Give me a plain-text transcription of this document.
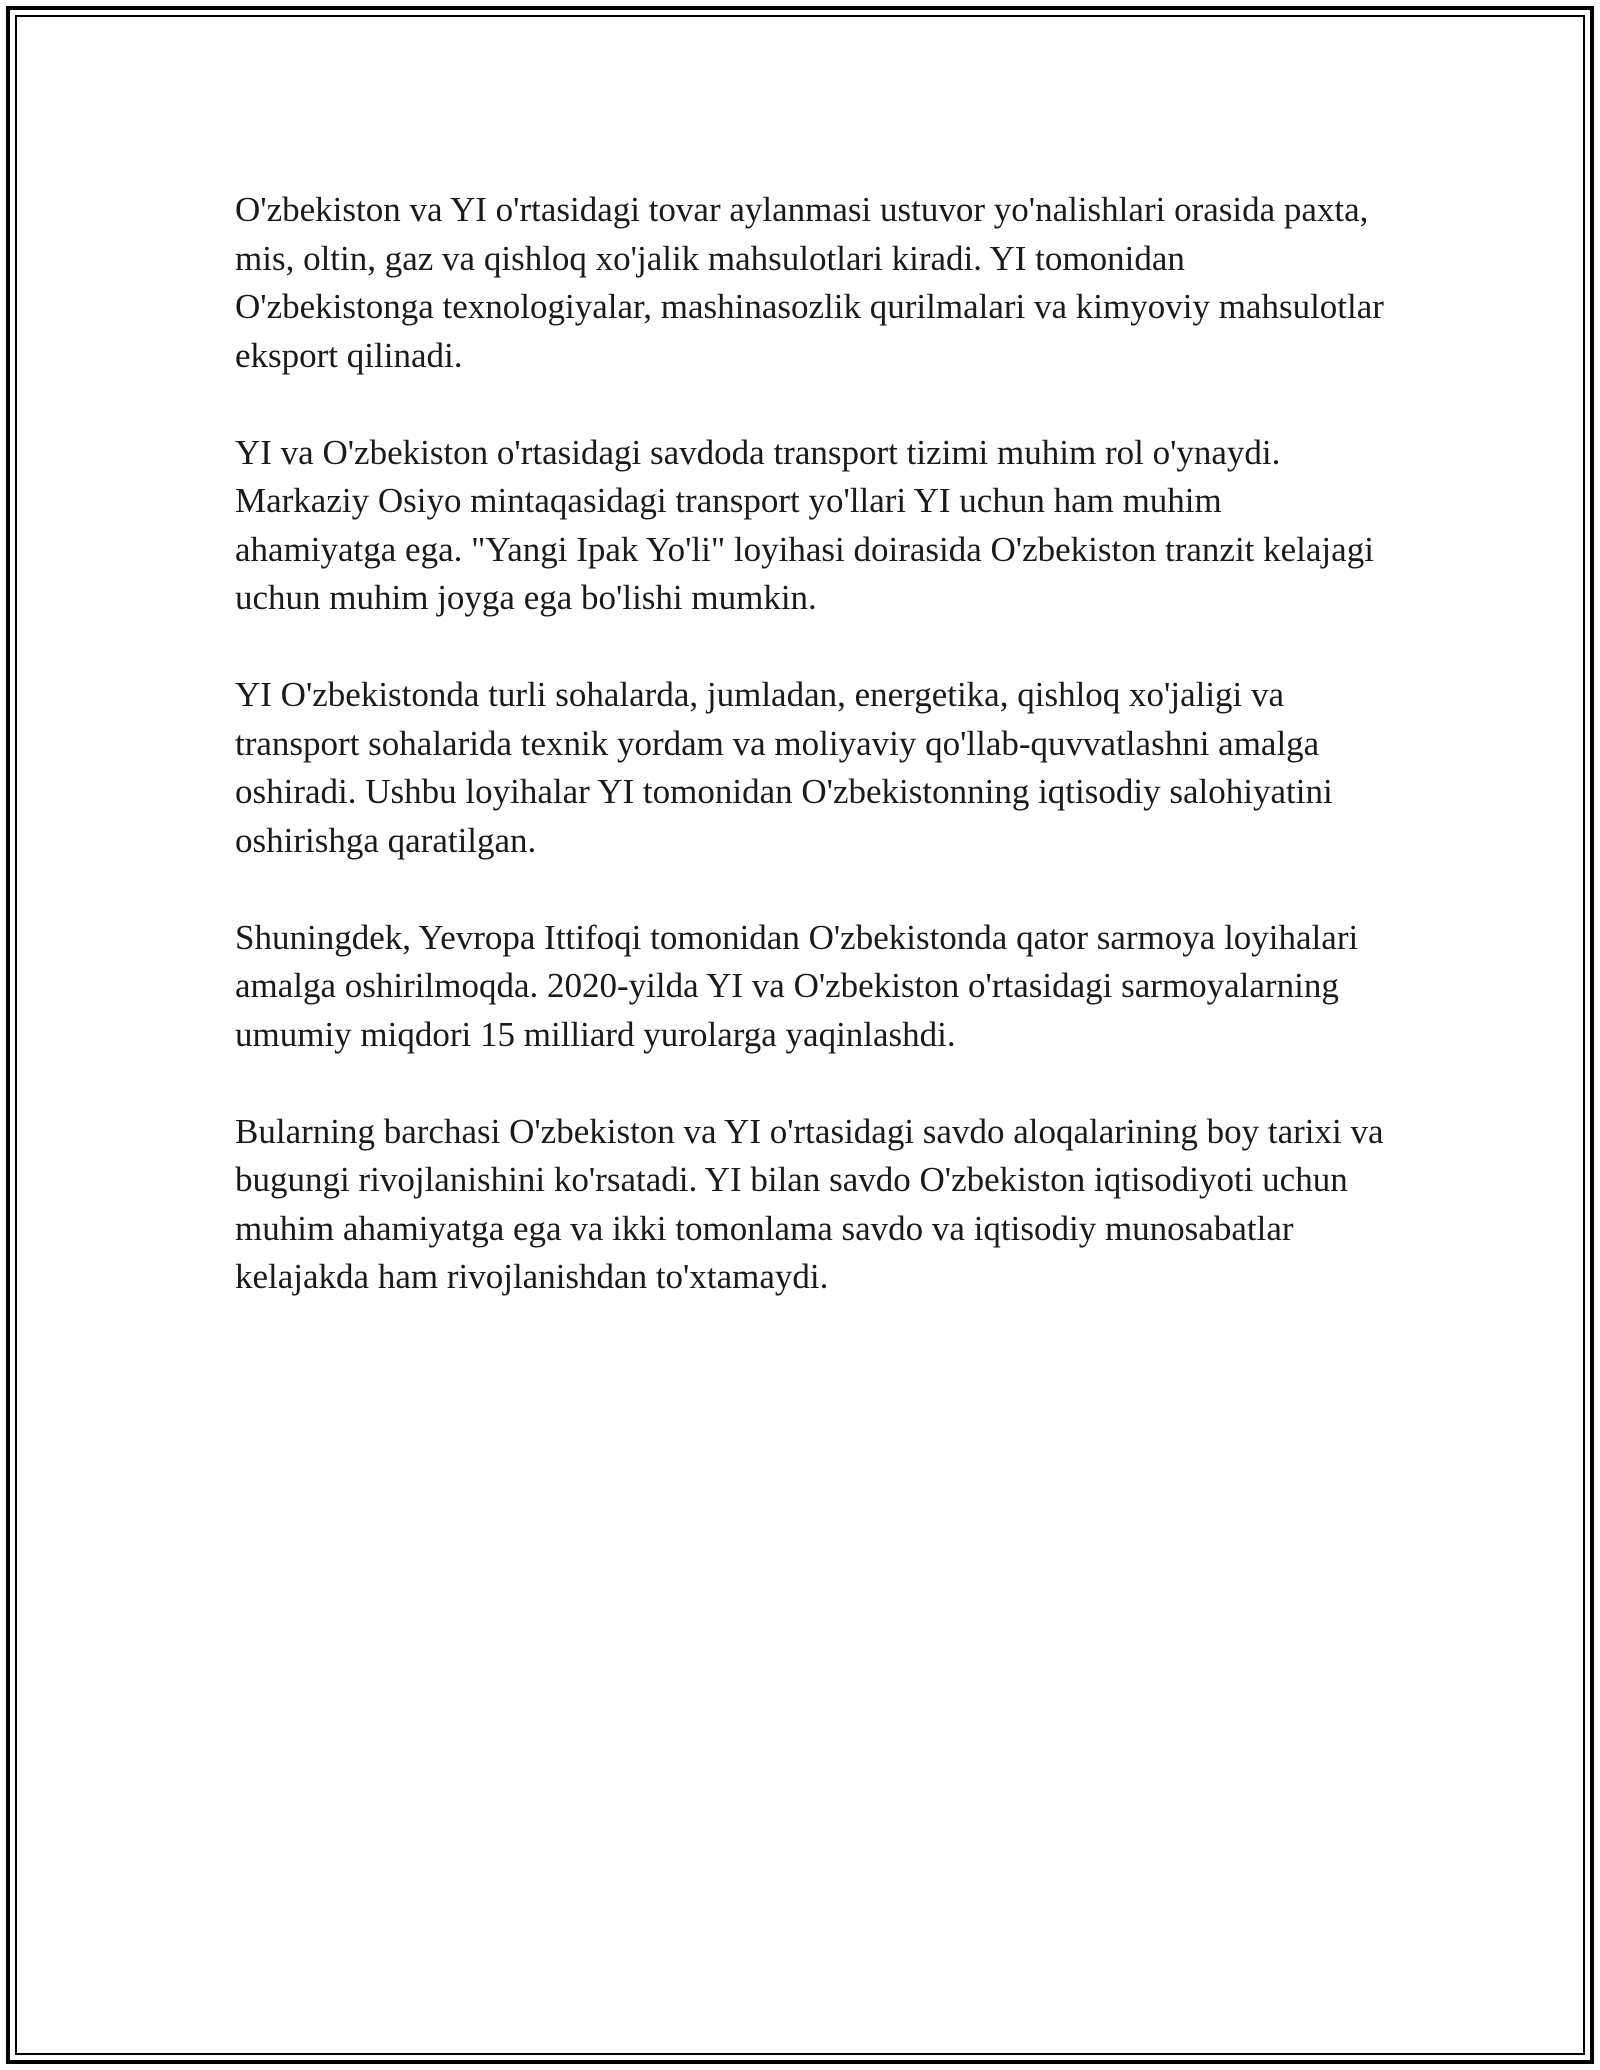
O'zbekiston va YI o'rtasidagi tovar aylanmasi ustuvor yo'nalishlari orasida paxta, mis, oltin, gaz va qishloq xo'jalik mahsulotlari kiradi. YI tomonidan O'zbekistonga texnologiyalar, mashinasozlik qurilmalari va kimyoviy mahsulotlar eksport qilinadi.

YI va O'zbekiston o'rtasidagi savdoda transport tizimi muhim rol o'ynaydi. Markaziy Osiyo mintaqasidagi transport yo'llari YI uchun ham muhim ahamiyatga ega. "Yangi Ipak Yo'li" loyihasi doirasida O'zbekiston tranzit kelajagi uchun muhim joyga ega bo'lishi mumkin.

YI O'zbekistonda turli sohalarda, jumladan, energetika, qishloq xo'jaligi va transport sohalarida texnik yordam va moliyaviy qo'llab-quvvatlashni amalga oshiradi. Ushbu loyihalar YI tomonidan O'zbekistonning iqtisodiy salohiyatini oshirishga qaratilgan.

Shuningdek, Yevropa Ittifoqi tomonidan O'zbekistonda qator sarmoya loyihalari amalga oshirilmoqda. 2020-yilda YI va O'zbekiston o'rtasidagi sarmoyalarning umumiy miqdori 15 milliard yurolarga yaqinlashdi.

Bularning barchasi O'zbekiston va YI o'rtasidagi savdo aloqalarining boy tarixi va bugungi rivojlanishini ko'rsatadi. YI bilan savdo O'zbekiston iqtisodiyoti uchun muhim ahamiyatga ega va ikki tomonlama savdo va iqtisodiy munosabatlar kelajakda ham rivojlanishdan to'xtamaydi.
